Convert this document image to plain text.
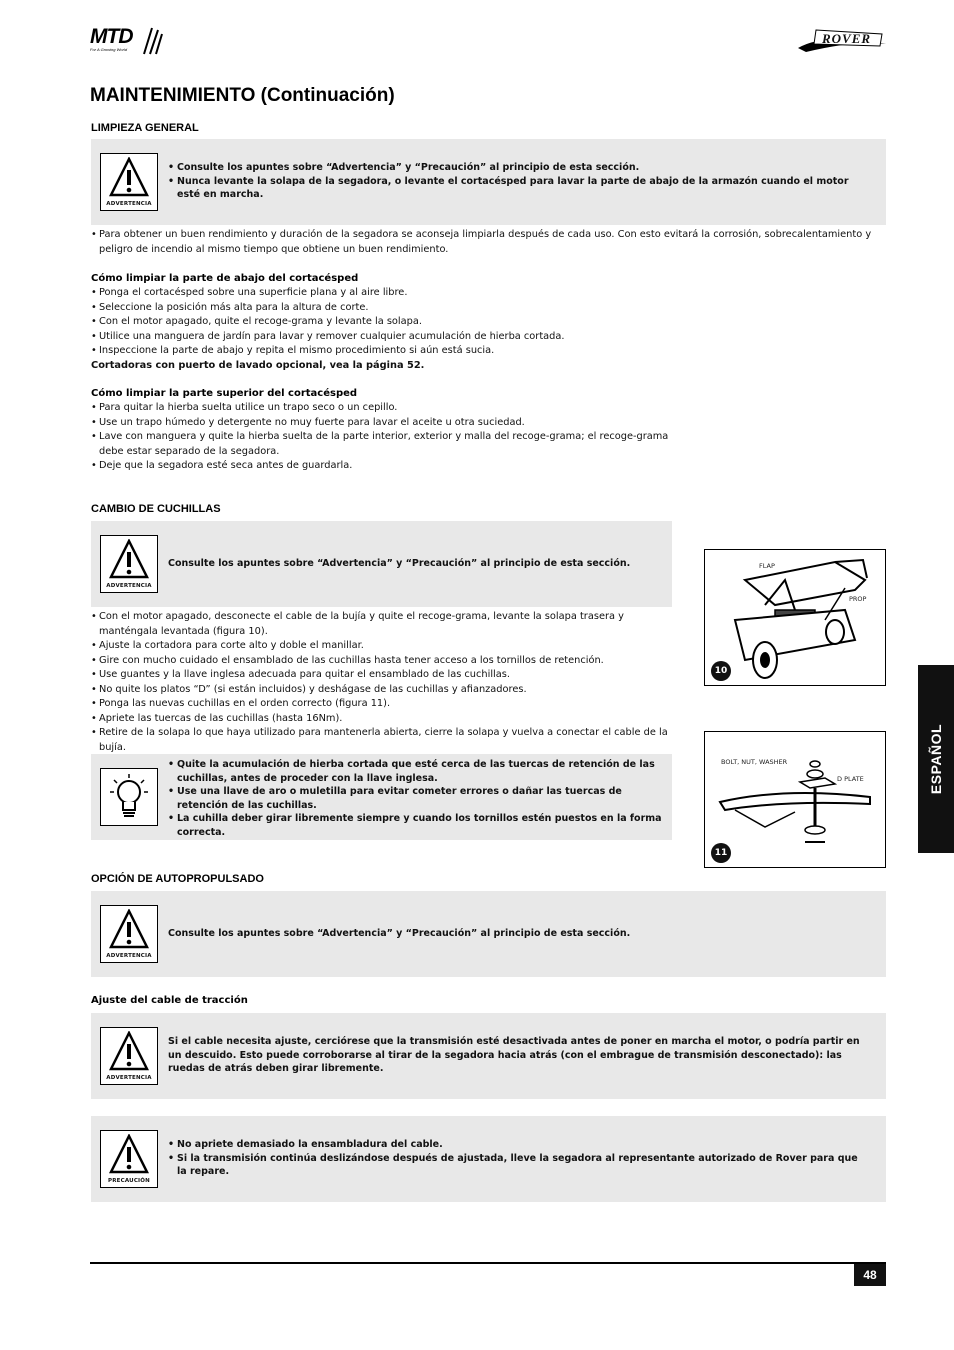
MTD
For A Growing World
ROVER
MAINTENIMIENTO (Continuación)
LIMPIEZA GENERAL
ADVERTENCIA
• Consulte los apuntes sobre “Advertencia” y “Precaución” al principio de esta sección.
• Nunca levante la solapa de la segadora, o levante el cortacésped para lavar la parte de abajo de la armazón cuando el motor esté en marcha.
• Para obtener un buen rendimiento y duración de la segadora se aconseja limpiarla después de cada uso. Con esto evitará la corrosión, sobrecalentamiento y peligro de incendio al mismo tiempo que obtiene un buen rendimiento.
Cómo limpiar la parte de abajo del cortacésped
• Ponga el cortacésped sobre una superficie plana y al aire libre.
• Seleccione la posición más alta para la altura de corte.
• Con el motor apagado, quite el recoge-grama y levante la solapa.
• Utilice una manguera de jardín para lavar y remover cualquier acumulación de hierba cortada.
• Inspeccione la parte de abajo y repita el mismo procedimiento si aún está sucia.
Cortadoras con puerto de lavado opcional, vea la página 52.
Cómo limpiar la parte superior del cortacésped
• Para quitar la hierba suelta utilice un trapo seco o un cepillo.
• Use un trapo húmedo y detergente no muy fuerte para lavar el aceite u otra suciedad.
• Lave con manguera y quite la hierba suelta de la parte interior, exterior y malla del recoge-grama; el recoge-grama debe estar separado de la segadora.
• Deje que la segadora esté seca antes de guardarla.
CAMBIO DE CUCHILLAS
ADVERTENCIA
Consulte los apuntes sobre “Advertencia” y “Precaución” al principio de esta sección.
• Con el motor apagado, desconecte el cable de la bujía y quite el recoge-grama, levante la solapa trasera y manténgala levantada (figura 10).
• Ajuste la cortadora para corte alto y doble el manillar.
• Gire con mucho cuidado el ensamblado de las cuchillas hasta tener acceso a los tornillos de retención.
• Use guantes y la llave inglesa adecuada para quitar el ensamblado de las cuchillas.
• No quite los platos “D” (si están incluidos) y deshágase de las cuchillas y afianzadores.
• Ponga las nuevas cuchillas en el orden correcto (figura 11).
• Apriete las tuercas de las cuchillas (hasta 16Nm).
• Retire de la solapa lo que haya utilizado para mantenerla abierta, cierre la solapa y vuelva a conectar el cable de la bujía.
• Quite la acumulación de hierba cortada que esté cerca de las tuercas de retención de las cuchillas, antes de proceder con la llave inglesa.
• Use una llave de aro o muletilla para evitar cometer errores o dañar las tuercas de retención de las cuchillas.
• La cuhilla deber girar libremente siempre y cuando los tornillos estén puestos en la forma correcta.
FLAP
PROP
10
BOLT, NUT, WASHER
D PLATE
11
OPCIÓN DE AUTOPROPULSADO
ADVERTENCIA
Consulte los apuntes sobre “Advertencia” y “Precaución” al principio de esta sección.
Ajuste del cable de tracción
ADVERTENCIA
Si el cable necesita ajuste, cerciórese que la transmisión esté desactivada antes de poner en marcha el motor, o podría partir en un descuido. Esto puede corroborarse al tirar de la segadora hacia atrás (con el embrague de transmisión desconectado): las ruedas de atrás deben girar libremente.
PRECAUCIÓN
• No apriete demasiado la ensambladura del cable.
• Si la transmisión continúa deslizándose después de ajustada, lleve la segadora al representante autorizado de Rover para que la repare.
ESPAÑOL
48
